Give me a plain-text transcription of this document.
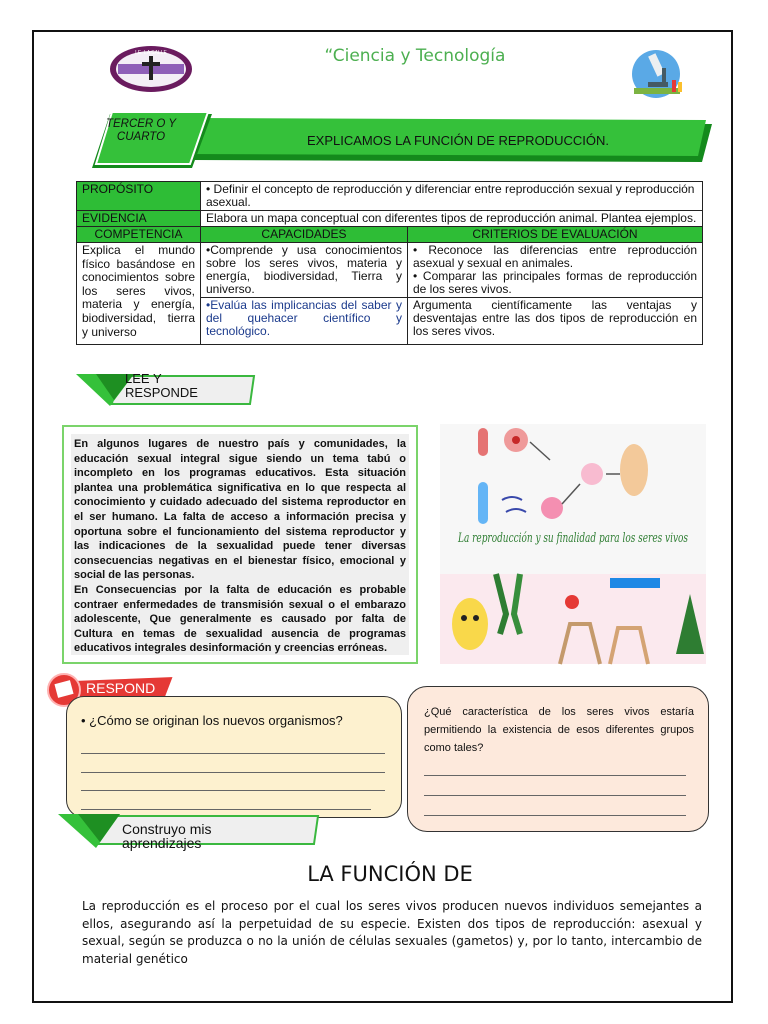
I.E. LA SALLE	“Ciencia y Tecnología
TERCER O Y CUARTO	EXPLICAMOS LA FUNCIÓN DE REPRODUCCIÓN.
PROPÓSITO	• Definir el concepto de reproducción y diferenciar entre reproducción sexual y reproducción asexual.	
EVIDENCIA	Elabora un mapa conceptual con diferentes tipos de reproducción animal. Plantea ejemplos.	
COMPETENCIA	CAPACIDADES	CRITERIOS DE EVALUACIÓN
Explica el mundo físico basándose en conocimientos sobre los seres vivos, materia y energía, biodiversidad, tierra y universo	•Comprende y usa conocimientos sobre los seres vivos, materia y energía, biodiversidad, Tierra y universo.	• Reconoce las diferencias entre reproducción asexual y sexual en animales.
• Comparar las principales formas de reproducción de los seres vivos.

	•Evalúa las implicancias del saber y del quehacer científico y tecnológico.	Argumenta científicamente las ventajas y desventajas entre las dos tipos de reproducción en los seres vivos.
LEE Y
RESPONDE

En algunos lugares de nuestro país y comunidades, la educación sexual integral sigue siendo un tema tabú o incompleto en los programas educativos. Esta situación plantea una problemática significativa en lo que respecta al conocimiento y cuidado adecuado del sistema reproductor en el ser humano. La falta de acceso a información precisa y oportuna sobre el funcionamiento del sistema reproductor y las indicaciones de la sexualidad puede tener diversas consecuencias negativas en el bienestar físico, emocional y social de las personas.

En Consecuencias por la falta de educación es probable contraer enfermedades de transmisión sexual o el embarazo adolescente, Que generalmente es causado por falta de Cultura en temas de sexualidad ausencia de programas educativos integrales desinformación y creencias erróneas.

La reproducción y su finalidad para los seres vivos
RESPOND
• ¿Cómo se originan los nuevos organismos?
¿Qué característica de los seres vivos estaría permitiendo la existencia de esos diferentes grupos como tales?
Construyo mis
aprendizajes
LA FUNCIÓN DE
La reproducción es el proceso por el cual los seres vivos producen nuevos individuos semejantes a ellos, asegurando así la perpetuidad de su especie. Existen dos tipos de reproducción: asexual y sexual, según se produzca o no la unión de células sexuales (gametos) y, por lo tanto, intercambio de material genético
